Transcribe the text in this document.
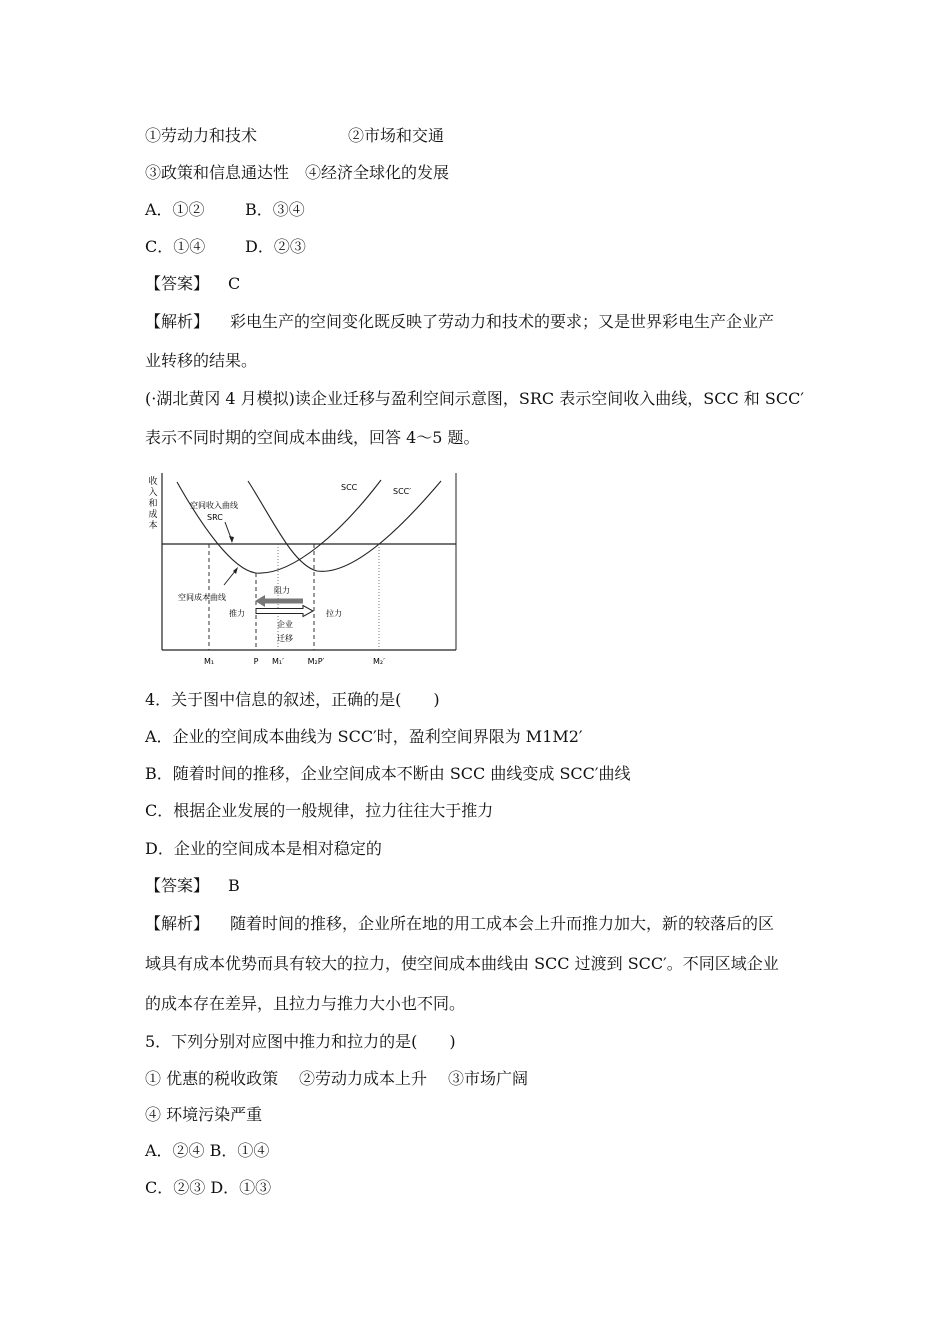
①劳动力和技术	②市场和交通
③政策和信息通达性 ④经济全球化的发展
A．①②	B．③④
C．①④ D．②③
【答案】 C
【解析】 彩电生产的空间变化既反映了劳动力和技术的要求；又是世界彩电生产企业产
业转移的结果。
(·湖北黄冈 4 月模拟)读企业迁移与盈利空间示意图，SRC 表示空间收入曲线，SCC 和 SCC′
表示不同时期的空间成本曲线，回答 4～5 题。
收
入
和
成
本
SCC	SCC′
空间收入曲线
SRC
空间成本曲线
阻力
推力	拉力
企业
迁移
M₁	P M₁′	M₂P′	M₂′
4．关于图中信息的叙述，正确的是(　　)
A．企业的空间成本曲线为 SCC′时，盈利空间界限为 M1M2′
B．随着时间的推移，企业空间成本不断由 SCC 曲线变成 SCC′曲线
C．根据企业发展的一般规律，拉力往往大于推力
D．企业的空间成本是相对稳定的
【答案】 B
【解析】 随着时间的推移，企业所在地的用工成本会上升而推力加大，新的较落后的区
域具有成本优势而具有较大的拉力，使空间成本曲线由 SCC 过渡到 SCC′。不同区域企业
的成本存在差异，且拉力与推力大小也不同。
5．下列分别对应图中推力和拉力的是(　　)
① 优惠的税收政策 ②劳动力成本上升 ③市场广阔
④ 环境污染严重
A．②④ B．①④
C．②③ D．①③
